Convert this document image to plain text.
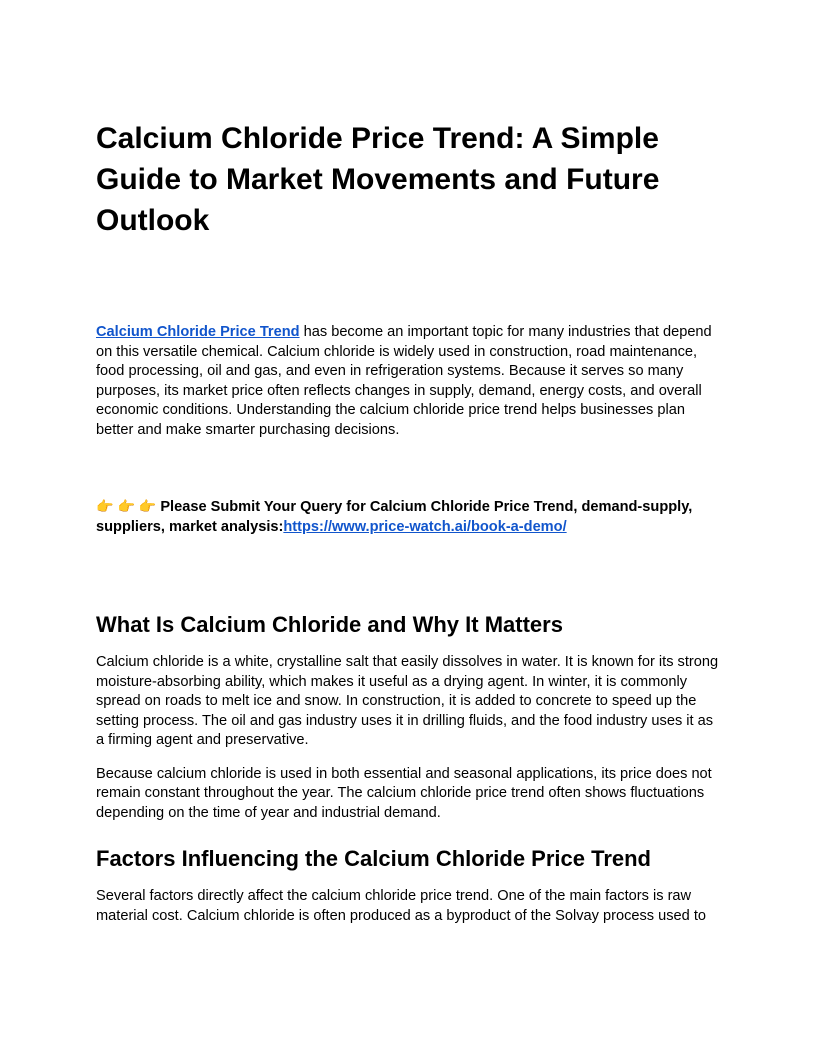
Calcium Chloride Price Trend: A Simple Guide to Market Movements and Future Outlook

Calcium Chloride Price Trend has become an important topic for many industries that depend on this versatile chemical. Calcium chloride is widely used in construction, road maintenance, food processing, oil and gas, and even in refrigeration systems. Because it serves so many purposes, its market price often reflects changes in supply, demand, energy costs, and overall economic conditions. Understanding the calcium chloride price trend helps businesses plan better and make smarter purchasing decisions.

👉 👉 👉 Please Submit Your Query for Calcium Chloride Price Trend, demand-supply, suppliers, market analysis:https://www.price-watch.ai/book-a-demo/

What Is Calcium Chloride and Why It Matters

Calcium chloride is a white, crystalline salt that easily dissolves in water. It is known for its strong moisture-absorbing ability, which makes it useful as a drying agent. In winter, it is commonly spread on roads to melt ice and snow. In construction, it is added to concrete to speed up the setting process. The oil and gas industry uses it in drilling fluids, and the food industry uses it as a firming agent and preservative.

Because calcium chloride is used in both essential and seasonal applications, its price does not remain constant throughout the year. The calcium chloride price trend often shows fluctuations depending on the time of year and industrial demand.

Factors Influencing the Calcium Chloride Price Trend

Several factors directly affect the calcium chloride price trend. One of the main factors is raw material cost. Calcium chloride is often produced as a byproduct of the Solvay process used to
